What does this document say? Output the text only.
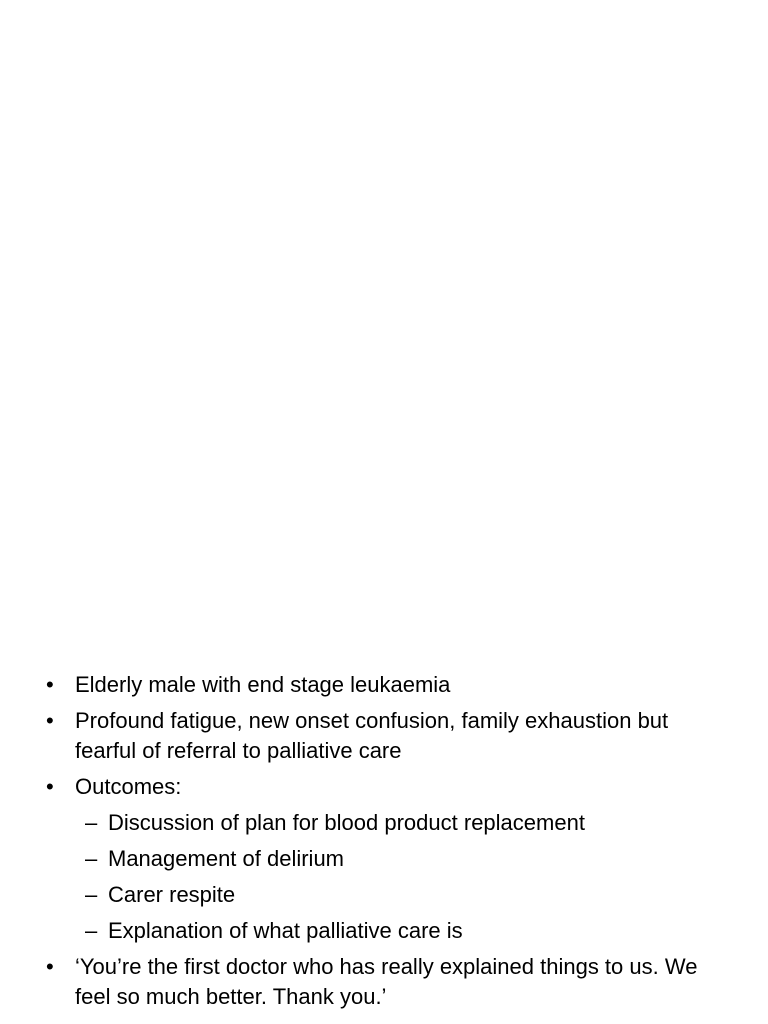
• Elderly male with end stage leukaemia
• Profound fatigue, new onset confusion, family exhaustion but fearful of referral to palliative care
• Outcomes:
– Discussion of plan for blood product replacement
– Management of delirium
– Carer respite
– Explanation of what palliative care is
• ‘You’re the first doctor who has really explained things to us. We feel so much better. Thank you.’
